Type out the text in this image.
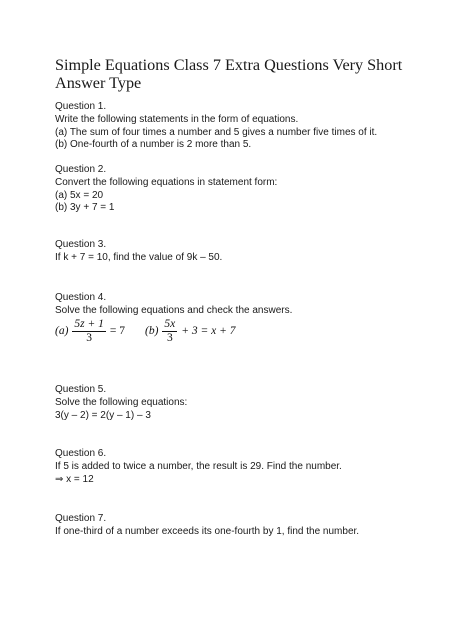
Simple Equations Class 7 Extra Questions Very Short Answer Type
Question 1.
Write the following statements in the form of equations.
(a) The sum of four times a number and 5 gives a number five times of it.
(b) One-fourth of a number is 2 more than 5.
Question 2.
Convert the following equations in statement form:
(a) 5x = 20
(b) 3y + 7 = 1
Question 3.
If k + 7 = 10, find the value of 9k – 50.
Question 4.
Solve the following equations and check the answers.
$(a) \frac{5z + 1}{3} = 7$ $(b) \frac{5x}{3} + 3 = x + 7$
Question 5.
Solve the following equations:
3(y – 2) = 2(y – 1) – 3
Question 6.
If 5 is added to twice a number, the result is 29. Find the number.
⇒ x = 12
Question 7.
If one-third of a number exceeds its one-fourth by 1, find the number.
